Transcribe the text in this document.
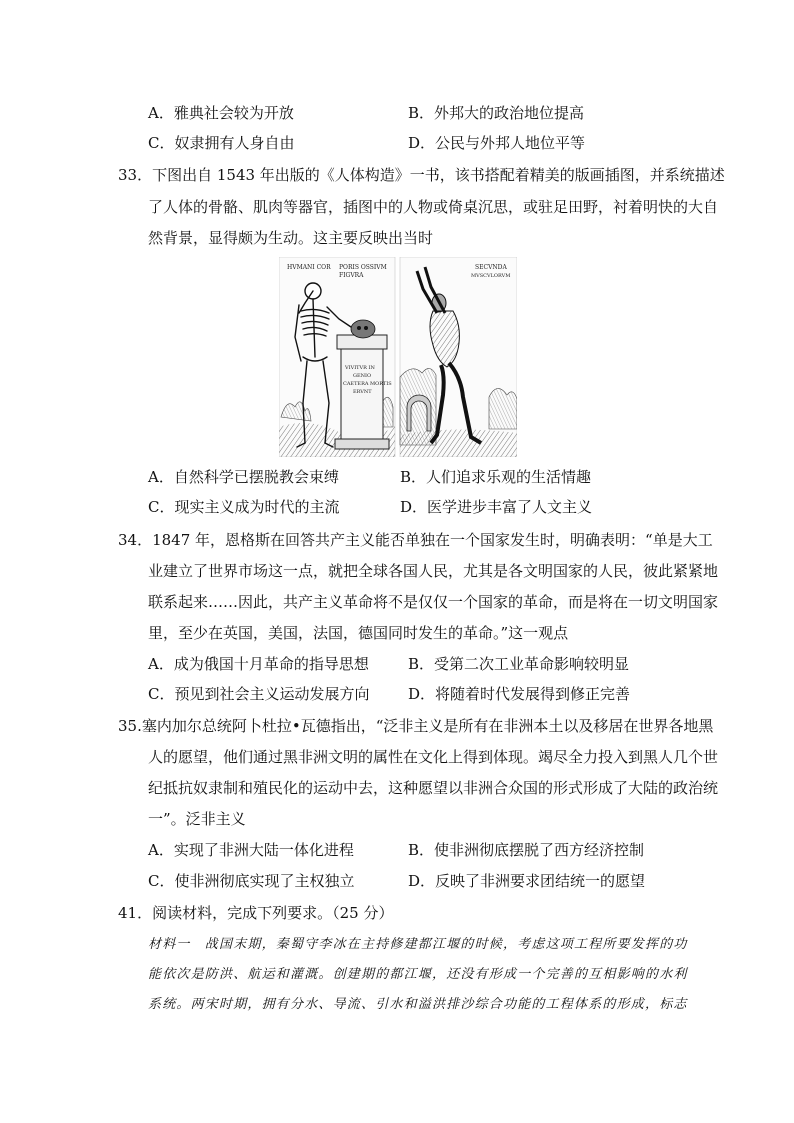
A．雅典社会较为开放	B．外邦大的政治地位提高
C．奴隶拥有人身自由	D．公民与外邦人地位平等
33．下图出自 1543 年出版的《人体构造》一书，该书搭配着精美的版画插图，并系统描述
了人体的骨骼、肌肉等器官，插图中的人物或倚桌沉思，或驻足田野，衬着明快的大自
然背景，显得颇为生动。这主要反映出当时
HVMANI COR PORIS OSSIVM
FIGVRA
VIVITVR IN
GENIO
CAETERA MORTIS
ERVNT
SECVNDA
MVSCVLORVM
A．自然科学已摆脱教会束缚	B．人们追求乐观的生活情趣
C．现实主义成为时代的主流	D．医学进步丰富了人文主义
34．1847 年，恩格斯在回答共产主义能否单独在一个国家发生时，明确表明：“单是大工
业建立了世界市场这一点，就把全球各国人民，尤其是各文明国家的人民，彼此紧紧地
联系起来……因此，共产主义革命将不是仅仅一个国家的革命，而是将在一切文明国家
里，至少在英国，美国，法国，德国同时发生的革命。”这一观点
A．成为俄国十月革命的指导思想	B．受第二次工业革命影响较明显
C．预见到社会主义运动发展方向	D．将随着时代发展得到修正完善
35.塞内加尔总统阿卜杜拉•瓦德指出，“泛非主义是所有在非洲本土以及移居在世界各地黑
人的愿望，他们通过黑非洲文明的属性在文化上得到体现。竭尽全力投入到黑人几个世
纪抵抗奴隶制和殖民化的运动中去，这种愿望以非洲合众国的形式形成了大陆的政治统
一”。泛非主义
A．实现了非洲大陆一体化进程	B．使非洲彻底摆脱了西方经济控制
C．使非洲彻底实现了主权独立	D．反映了非洲要求团结统一的愿望
41．阅读材料，完成下列要求。（25 分）
材料一　战国末期，秦蜀守李冰在主持修建都江堰的时候，考虑这项工程所要发挥的功
能依次是防洪、航运和灌溉。创建期的都江堰，还没有形成一个完善的互相影响的水利
系统。两宋时期，拥有分水、导流、引水和溢洪排沙综合功能的工程体系的形成，标志
